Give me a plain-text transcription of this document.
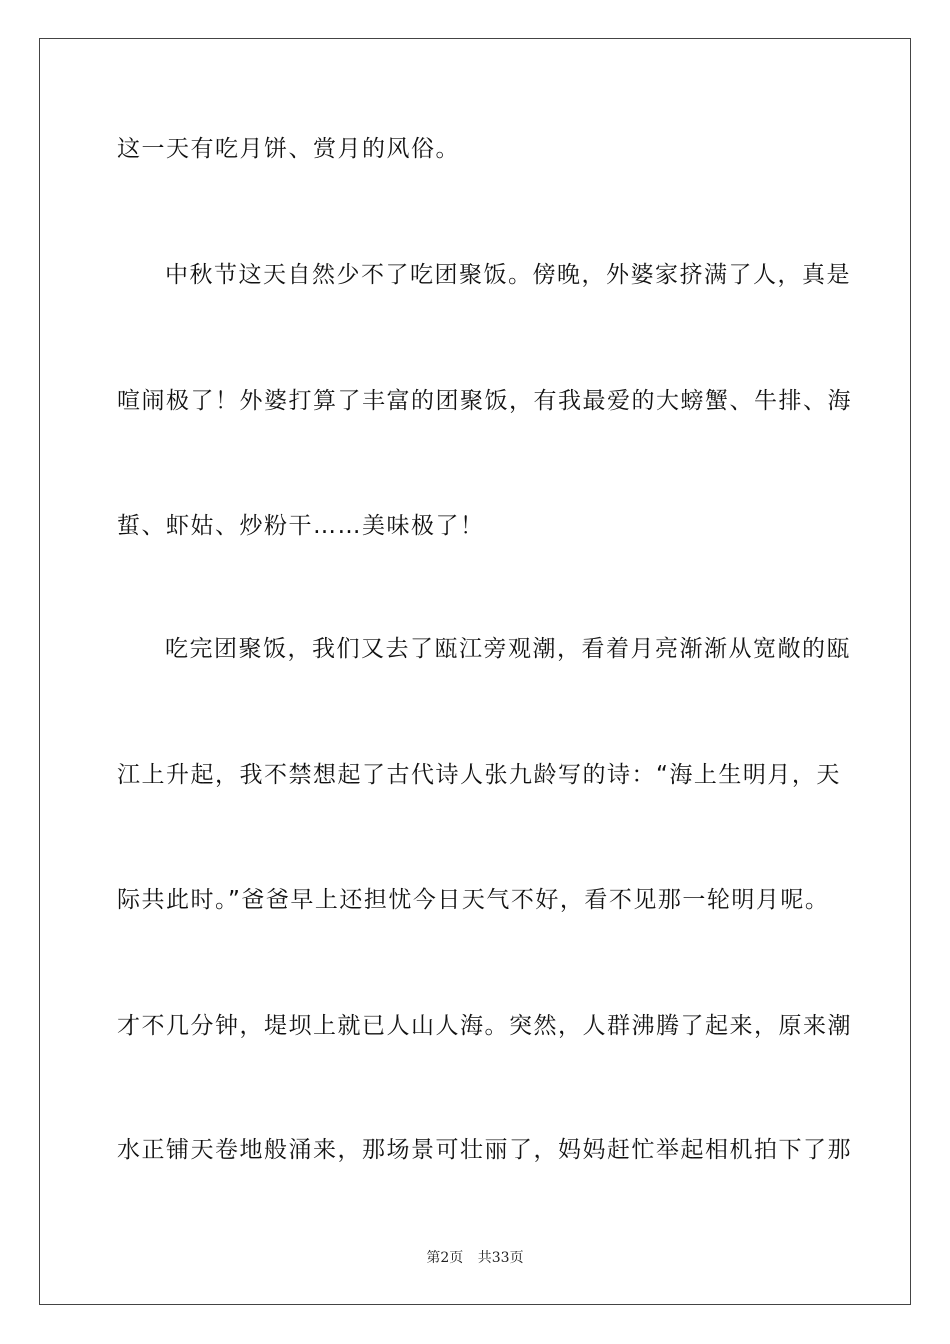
这一天有吃月饼、赏月的风俗。
中秋节这天自然少不了吃团聚饭。傍晚，外婆家挤满了人，真是
喧闹极了！外婆打算了丰富的团聚饭，有我最爱的大螃蟹、牛排、海
蜇、虾姑、炒粉干……美味极了！
吃完团聚饭，我们又去了瓯江旁观潮，看着月亮渐渐从宽敞的瓯
江上升起，我不禁想起了古代诗人张九龄写的诗：“海上生明月，天
际共此时。”爸爸早上还担忧今日天气不好，看不见那一轮明月呢。
才不几分钟，堤坝上就已人山人海。突然，人群沸腾了起来，原来潮
水正铺天卷地般涌来，那场景可壮丽了，妈妈赶忙举起相机拍下了那
第2页 共33页
